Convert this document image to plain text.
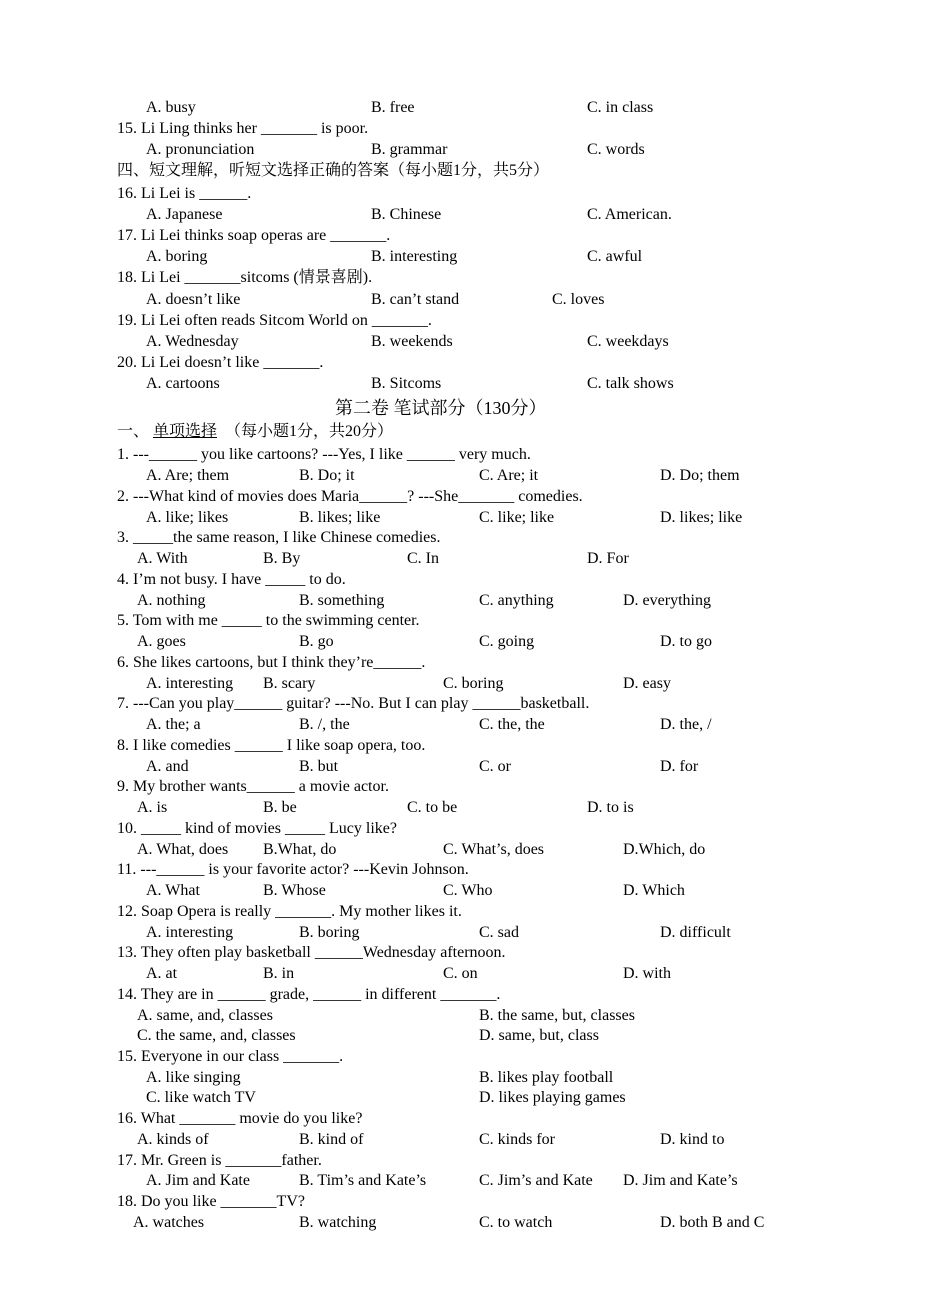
A. busy	B. free	C. in class
15. Li Ling thinks her _______ is poor.
A. pronunciation	B. grammar	C. words
四、短文理解，听短文选择正确的答案（每小题1分，共5分）
16. Li Lei is ______.
A. Japanese	B. Chinese	C. American.
17. Li Lei thinks soap operas are _______.
A. boring	B. interesting	C. awful
18. Li Lei _______sitcoms (情景喜剧).
A. doesn’t like	B. can’t stand	C. loves
19. Li Lei often reads Sitcom World on _______.
A. Wednesday	B. weekends	C. weekdays
20. Li Lei doesn’t like _______.
A. cartoons	B. Sitcoms	C. talk shows
一、 单项选择 （每小题1分，共20分）
1. ---______ you like cartoons? ---Yes, I like ______ very much.
A. Are; them	B. Do; it	C. Are; it	D. Do; them
2. ---What kind of movies does Maria______? ---She_______ comedies.
A. like; likes	B. likes; like	C. like; like	D. likes; like
3. _____the same reason, I like Chinese comedies.
A. With	B. By	C. In	D. For
4. I’m not busy. I have _____ to do.
A. nothing	B. something	C. anything	D. everything
5. Tom with me _____ to the swimming center.
A. goes	B. go	C. going	D. to go
6. She likes cartoons, but I think they’re______.
A. interesting B. scary	C. boring	D. easy
7. ---Can you play______ guitar? ---No. But I can play ______basketball.
A. the; a	B. /, the	C. the, the	D. the, /
8. I like comedies ______ I like soap opera, too.
A. and	B. but	C. or	D. for
9. My brother wants______ a movie actor.
A. is	B. be	C. to be	D. to is
10. _____ kind of movies _____ Lucy like?
A. What, does B.What, do	C. What’s, does	D.Which, do
11. ---______ is your favorite actor? ---Kevin Johnson.
A. What	B. Whose	C. Who	D. Which
12. Soap Opera is really _______. My mother likes it.
A. interesting	B. boring	C. sad	D. difficult
13. They often play basketball ______Wednesday afternoon.
A. at	B. in	C. on	D. with
14. They are in ______ grade, ______ in different _______.
A. same, and, classes	B. the same, but, classes
C. the same, and, classes	D. same, but, class
15. Everyone in our class _______.
A. like singing	B. likes play football
C. like watch TV	D. likes playing games
16. What _______ movie do you like?
A. kinds of	B. kind of	C. kinds for	D. kind to
17. Mr. Green is _______father.
A. Jim and Kate	B. Tim’s and Kate’s	C. Jim’s and Kate D. Jim and Kate’s
18. Do you like _______TV?
A. watches	B. watching	C. to watch	D. both B and C
第二卷 笔试部分（130分）
